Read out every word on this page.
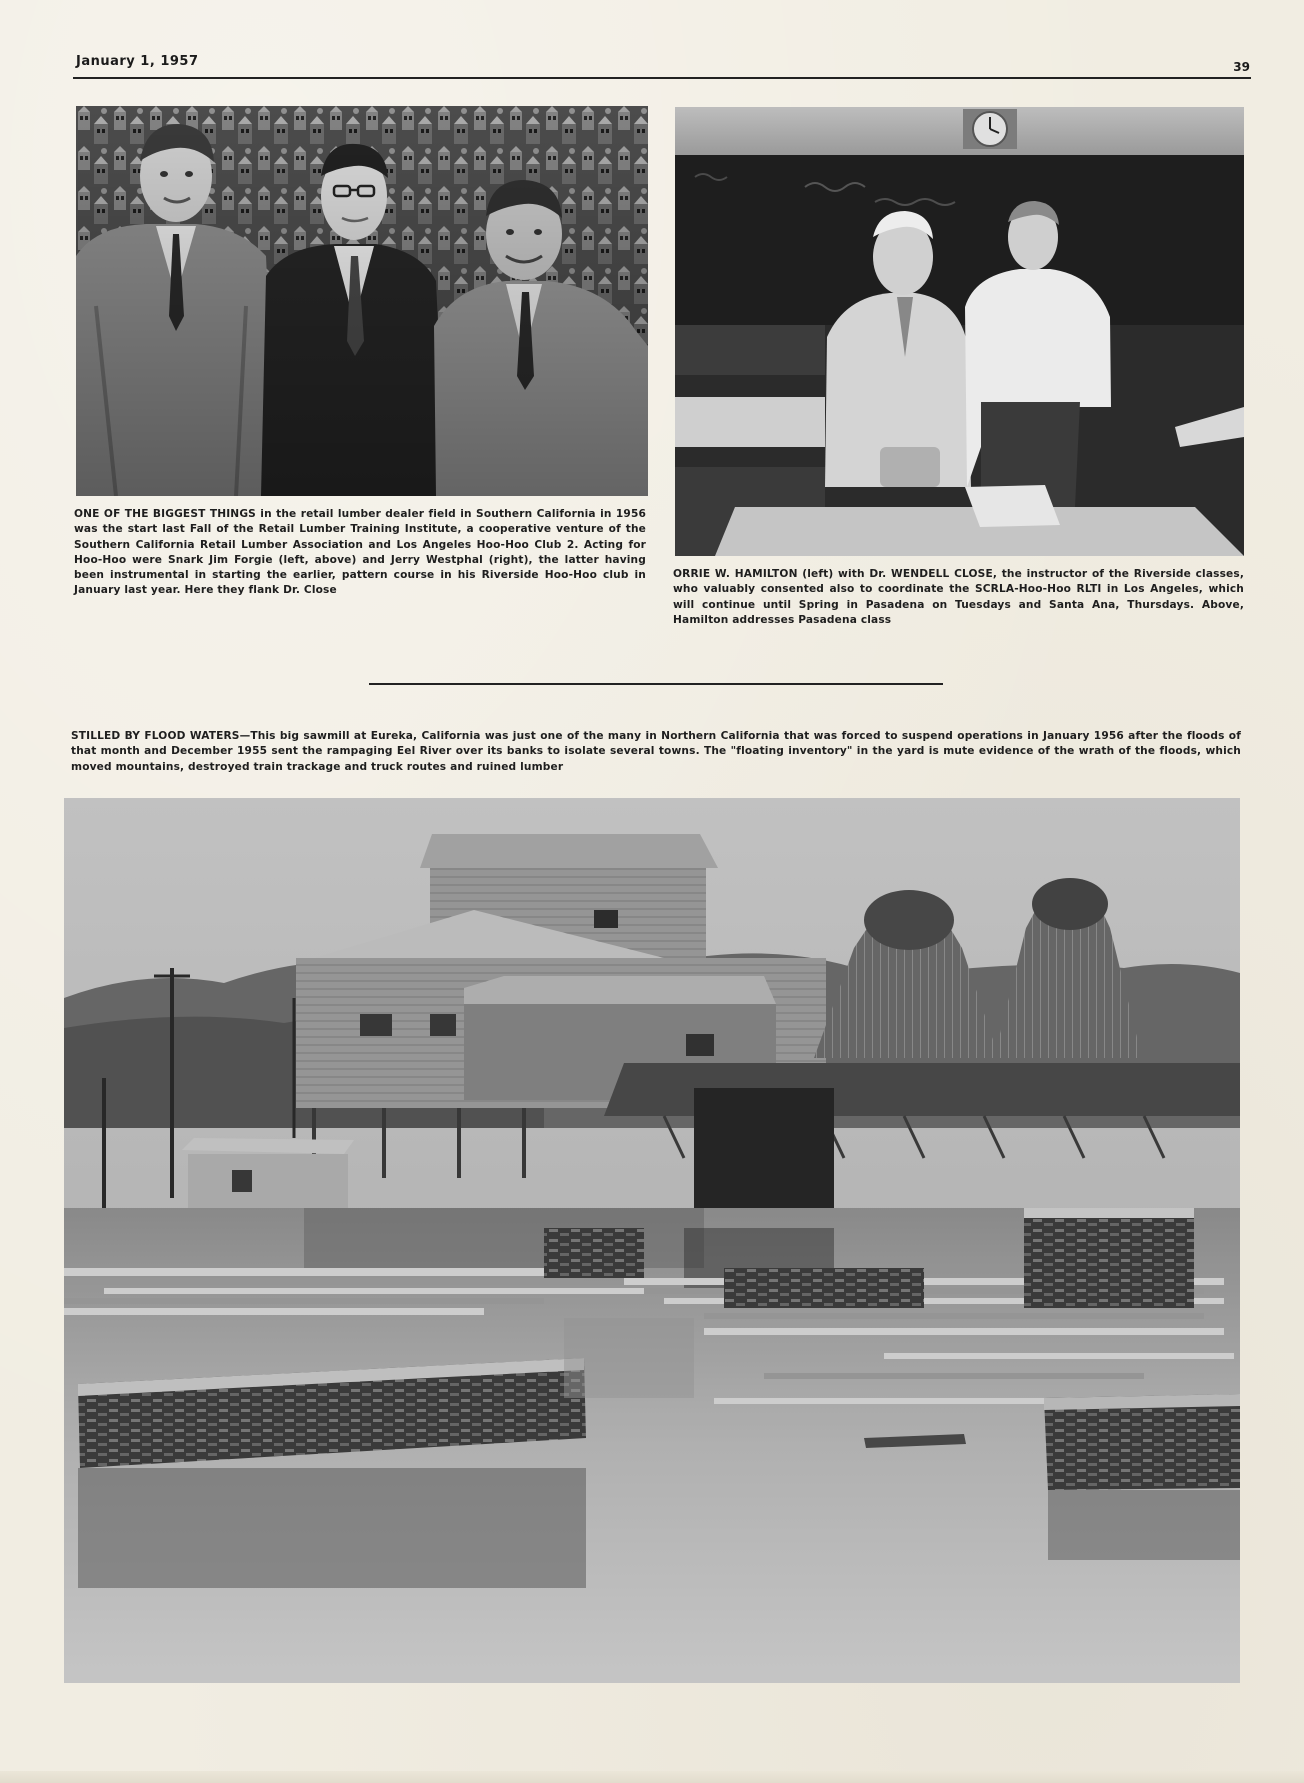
January 1, 1957	39
ONE OF THE BIGGEST THINGS in the retail lumber dealer field in Southern California in 1956 was the start last Fall of the Retail Lumber Training Institute, a cooperative venture of the Southern California Retail Lumber Association and Los Angeles Hoo-Hoo Club 2. Acting for Hoo-Hoo were Snark Jim Forgie (left, above) and Jerry Westphal (right), the latter having been instrumental in starting the earlier, pattern course in his Riverside Hoo-Hoo club in January last year. Here they flank Dr. Close
ORRIE W. HAMILTON (left) with Dr. WENDELL CLOSE, the instructor of the Riverside classes, who valuably consented also to coordinate the SCRLA-Hoo-Hoo RLTI in Los Angeles, which will continue until Spring in Pasadena on Tuesdays and Santa Ana, Thursdays. Above, Hamilton addresses Pasadena class
STILLED BY FLOOD WATERS—This big sawmill at Eureka, California was just one of the many in Northern California that was forced to suspend operations in January 1956 after the floods of that month and December 1955 sent the rampaging Eel River over its banks to isolate several towns. The "floating inventory" in the yard is mute evidence of the wrath of the floods, which moved mountains, destroyed train trackage and truck routes and ruined lumber
